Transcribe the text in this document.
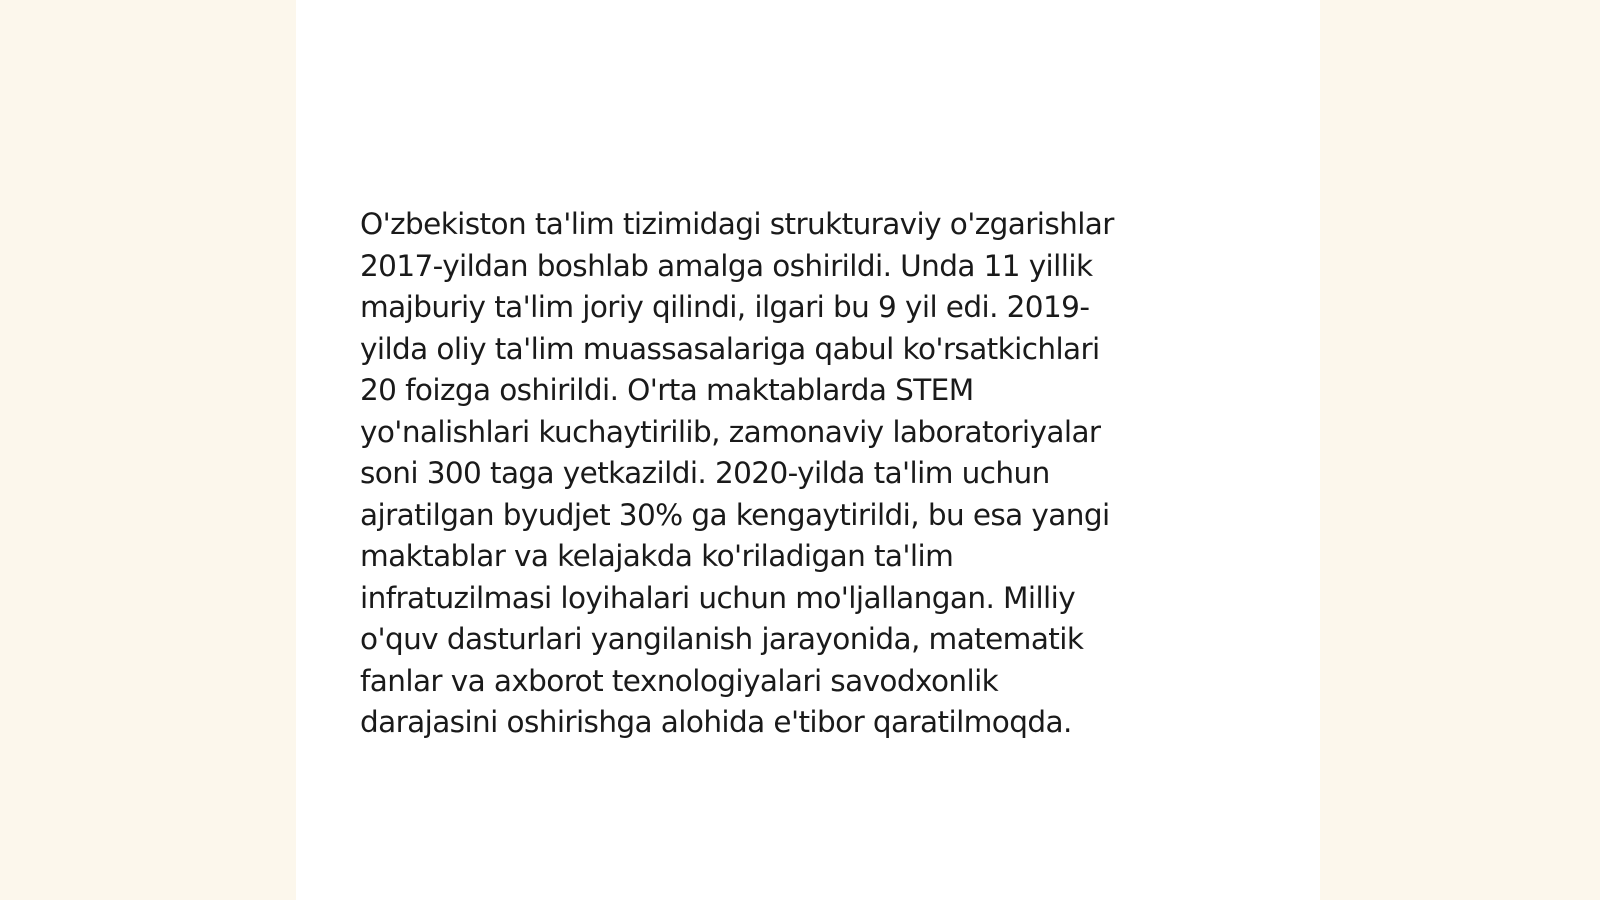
O'zbekiston ta'lim tizimidagi strukturaviy o'zgarishlar
2017-yildan boshlab amalga oshirildi. Unda 11 yillik
majburiy ta'lim joriy qilindi, ilgari bu 9 yil edi. 2019-
yilda oliy ta'lim muassasalariga qabul ko'rsatkichlari
20 foizga oshirildi. O'rta maktablarda STEM
yo'nalishlari kuchaytirilib, zamonaviy laboratoriyalar
soni 300 taga yetkazildi. 2020-yilda ta'lim uchun
ajratilgan byudjet 30% ga kengaytirildi, bu esa yangi
maktablar va kelajakda ko'riladigan ta'lim
infratuzilmasi loyihalari uchun mo'ljallangan. Milliy
o'quv dasturlari yangilanish jarayonida, matematik
fanlar va axborot texnologiyalari savodxonlik
darajasini oshirishga alohida e'tibor qaratilmoqda.
